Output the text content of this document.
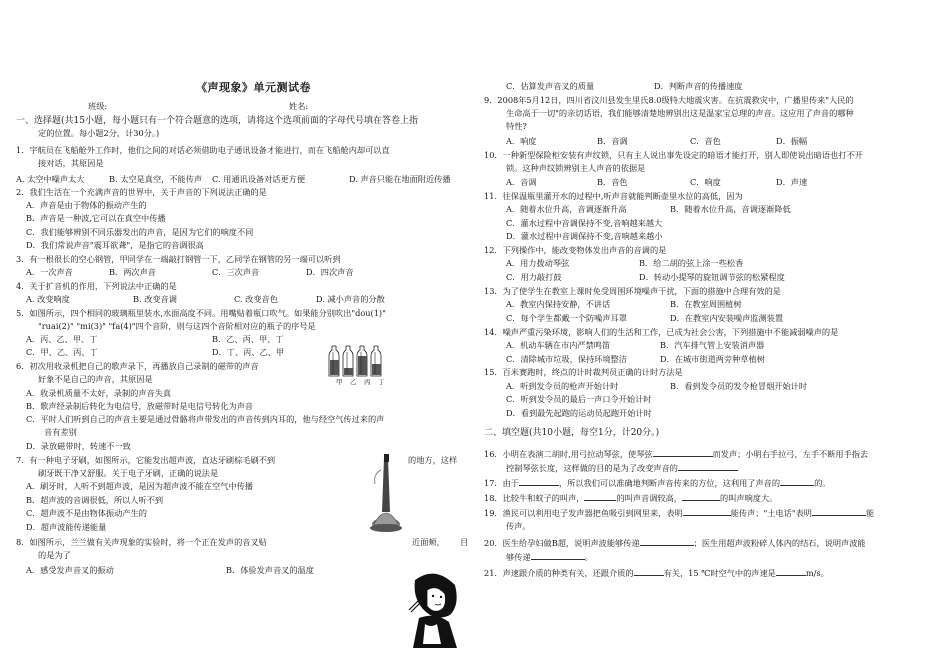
《声现象》单元测试卷
班级:	姓名:
一、选择题(共15小题，每小题只有一个符合题意的选项，请将这个选项前面的字母代号填在答卷上指
定的位置。每小题2分，计30分。)
1．宇航员在飞船舱外工作时，他们之间的对话必须借助电子通讯设备才能进行，而在飞船舱内却可以直
接对话，其原因是
A. 太空中噪声太大	B. 太空是真空，不能传声 C. 用通讯设备对话更方便	D. 声音只能在地面附近传播
2．我们生活在一个充满声音的世界中，关于声音的下列说法正确的是
A．声音是由于物体的振动产生的
B．声音是一种波,它可以在真空中传播
C．我们能够辨别不同乐器发出的声音，是因为它们的响度不同
D．我们常说声音"震耳欲聋"，是指它的音调很高
3．有一根很长的空心钢管，甲同学在一端敲打钢管一下，乙同学在钢管的另一端可以听到
A．一次声音	B．两次声音	C．三次声音	D．四次声音
4．关于扩音机的作用，下列说法中正确的是
A. 改变响度	B. 改变音调	C. 改变音色	D. 减小声音的分散
5．如图所示，四个相同的玻璃瓶里装水,水面高度不同。用嘴贴着瓶口吹气。如果能分别吹出"dou(1)"
"ruai(2)" "mi(3)" "fa(4)"四个音阶，则与这四个音阶相对应的瓶子的序号是
A．丙、乙、甲、丁	B．乙、丙、甲、丁
C．甲、乙、丙、丁	D．丁、丙、乙、甲
6．初次用收录机把自己的歌声录下，再播放自己录制的磁带的声音
好象不是自己的声音，其原因是
A．收录机质量不太好，录制的声音失真
B．歌声经录制后转化为电信号，放磁带时是电信号转化为声音
C．平时人们听到自己的声音主要是通过骨骼将声带发出的声音传到内耳的，他与经空气传过来的声
音有差别
D．录放磁带时，转速不一致
7．有一种电子牙刷，如图所示，它能发出超声波，直达牙刷棕毛刷不到	的地方，这样
刷牙既干净又舒服。关于电子牙刷，正确的说法是
A．刷牙时，人听不到超声波，是因为超声波不能在空气中传播
B．超声波的音调很低，所以人听不到
C．超声波不是由物体振动产生的
D．超声波能传递能量
8．如图所示，兰兰做有关声现象的实验时，将一个正在发声的音叉贴	近面颊， 目
的是为了
A．感受发声音叉的振动	B．体验发声音叉的温度
甲 乙 丙 丁
C．估算发声音叉的质量	D．判断声音的传播速度
9．2008年5月12日，四川省汶川县发生里氏8.0级特大地震灾害。在抗震救灾中，广播里传来"人民的
生命高于一切"的亲切话语，我们能够清楚地辨别出这是温家宝总理的声音。这应用了声音的哪种
特性?
A．响度	B．音调	C．音色	D．振幅
10．一种新型保险柜安装有声纹锁，只有主人说出事先设定的暗语才能打开，别人即使说出暗语也打不开
锁。这种声纹锁辨别主人声音的依据是
A．音调	B．音色	C．响度	D．声速
11．往保温瓶里灌开水的过程中,听声音就能判断壶里水位的高低，因为
A．随着水位升高，音调逐渐升高	B．随着水位升高，音调逐渐降低
C．灌水过程中音调保持不变,音响越来越大
D．灌水过程中音调保持不变,音响越来越小
12．下列操作中，能改变物体发出声音的音调的是
A．用力拨动琴弦	B．给二胡的弦上涂一些松香
C．用力敲打鼓	D．转动小提琴的旋钮调节弦的松紧程度
13．为了使学生在教室上课时免受周围环境噪声干扰，下面的措施中合理有效的是
A．教室内保持安静，不讲话	B．在教室周围植树
C．每个学生都戴一个防噪声耳罩	D．在教室内安装噪声监测装置
14．噪声严重污染环境，影响人们的生活和工作，已成为社会公害，下列措施中不能减弱噪声的是
A．机动车辆在市内严禁鸣笛	B．汽车排气管上安装消声器
C．清除城市垃圾，保持环境整洁	D．在城市街道两旁种草植树
15．百米赛跑时，终点的计时裁判员正确的计时方法是
A．听到发令员的枪声开始计时	B．看到发令员的发令枪冒烟开始计时
C．听到发令员的最后一声口令开始计时
D．看到最先起跑的运动员起跑开始计时
二、填空题(共10小题，每空1分，计20分。)
16．小明在表演二胡时,用弓拉动琴弦，使琴弦	而发声；小明右手拉弓，左手不断用手指去
控制琴弦长度，这样做的目的是为了改变声音的
17．由于	，所以我们可以准确地判断声音传来的方位，这利用了声音的	的。
18．比较牛和蚊子的叫声，	的叫声音调较高，	的叫声响度大。
19．渔民可以利用电子发声器把鱼吸引到网里来，表明	能传声；"土电话"表明	能
传声。
20．医生给孕妇做B超，说明声波能够传递	；医生用超声波粉碎人体内的结石，说明声波能
够传递	。
21．声速跟介质的种类有关，还跟介质的	有关，15 ℃时空气中的声速是	m/s。
